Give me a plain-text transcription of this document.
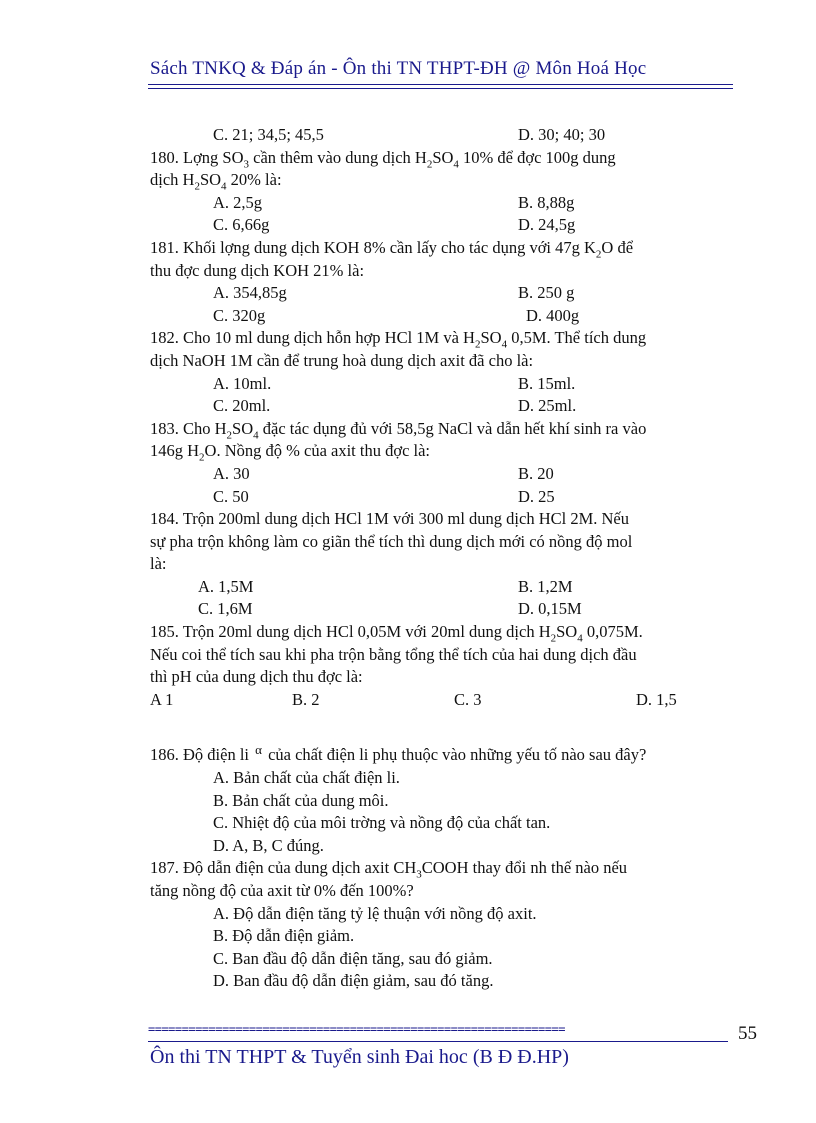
Sách TNKQ & Đáp án - Ôn thi TN THPT-ĐH @ Môn Hoá Học
C. 21; 34,5; 45,5	D. 30; 40; 30
180. Lợng $SO_3$ cần thêm vào dung dịch $H_2SO_4$ 10% để đợc 100g dung
dịch $H_2SO_4$ 20% là:
A. 2,5g	B. 8,88g
C. 6,66g	D. 24,5g
181. Khối lợng dung dịch KOH 8% cần lấy cho tác dụng với 47g $K_2O$ để
thu đợc dung dịch KOH 21% là:
A. 354,85g	B. 250 g
C. 320g	D. 400g
182. Cho 10 ml dung dịch hỗn hợp HCl 1M và $H_2SO_4$ 0,5M. Thể tích dung
dịch NaOH 1M cần để trung hoà dung dịch axit đã cho là:
A. 10ml.	B. 15ml.
C. 20ml.	D. 25ml.
183. Cho $H_2SO_4$ đặc tác dụng đủ với 58,5g NaCl và dẫn hết khí sinh ra vào
146g $H_2O$. Nồng độ % của axit thu đợc là:
A. 30	B. 20
C. 50	D. 25
184. Trộn 200ml dung dịch HCl 1M với 300 ml dung dịch HCl 2M. Nếu
sự pha trộn không làm co giãn thể tích thì dung dịch mới có nồng độ mol
là:
A. 1,5M	B. 1,2M
C. 1,6M	D. 0,15M
185. Trộn 20ml dung dịch HCl 0,05M với 20ml dung dịch $H_2SO_4$ 0,075M.
Nếu coi thể tích sau khi pha trộn bằng tổng thể tích của hai dung dịch đầu
thì pH của dung dịch thu đợc là:
A 1	B. 2	C. 3	D. 1,5
186. Độ điện li $^\alpha$ của chất điện li phụ thuộc vào những yếu tố nào sau đây?
A. Bản chất của chất điện li.
B. Bản chất của dung môi.
C. Nhiệt độ của môi trờng và nồng độ của chất tan.
D. A, B, C đúng.
187. Độ dẫn điện của dung dịch axit $CH_3COOH$ thay đổi nh thế nào nếu
tăng nồng độ của axit từ 0% đến 100%?
A. Độ dẫn điện tăng tỷ lệ thuận với nồng độ axit.
B. Độ dẫn điện giảm.
C. Ban đầu độ dẫn điện tăng, sau đó giảm.
D. Ban đầu độ dẫn điện giảm, sau đó tăng.
==============================================================	55
Ôn thi TN THPT & Tuyển sinh Đai hoc (B Đ Đ.HP)
